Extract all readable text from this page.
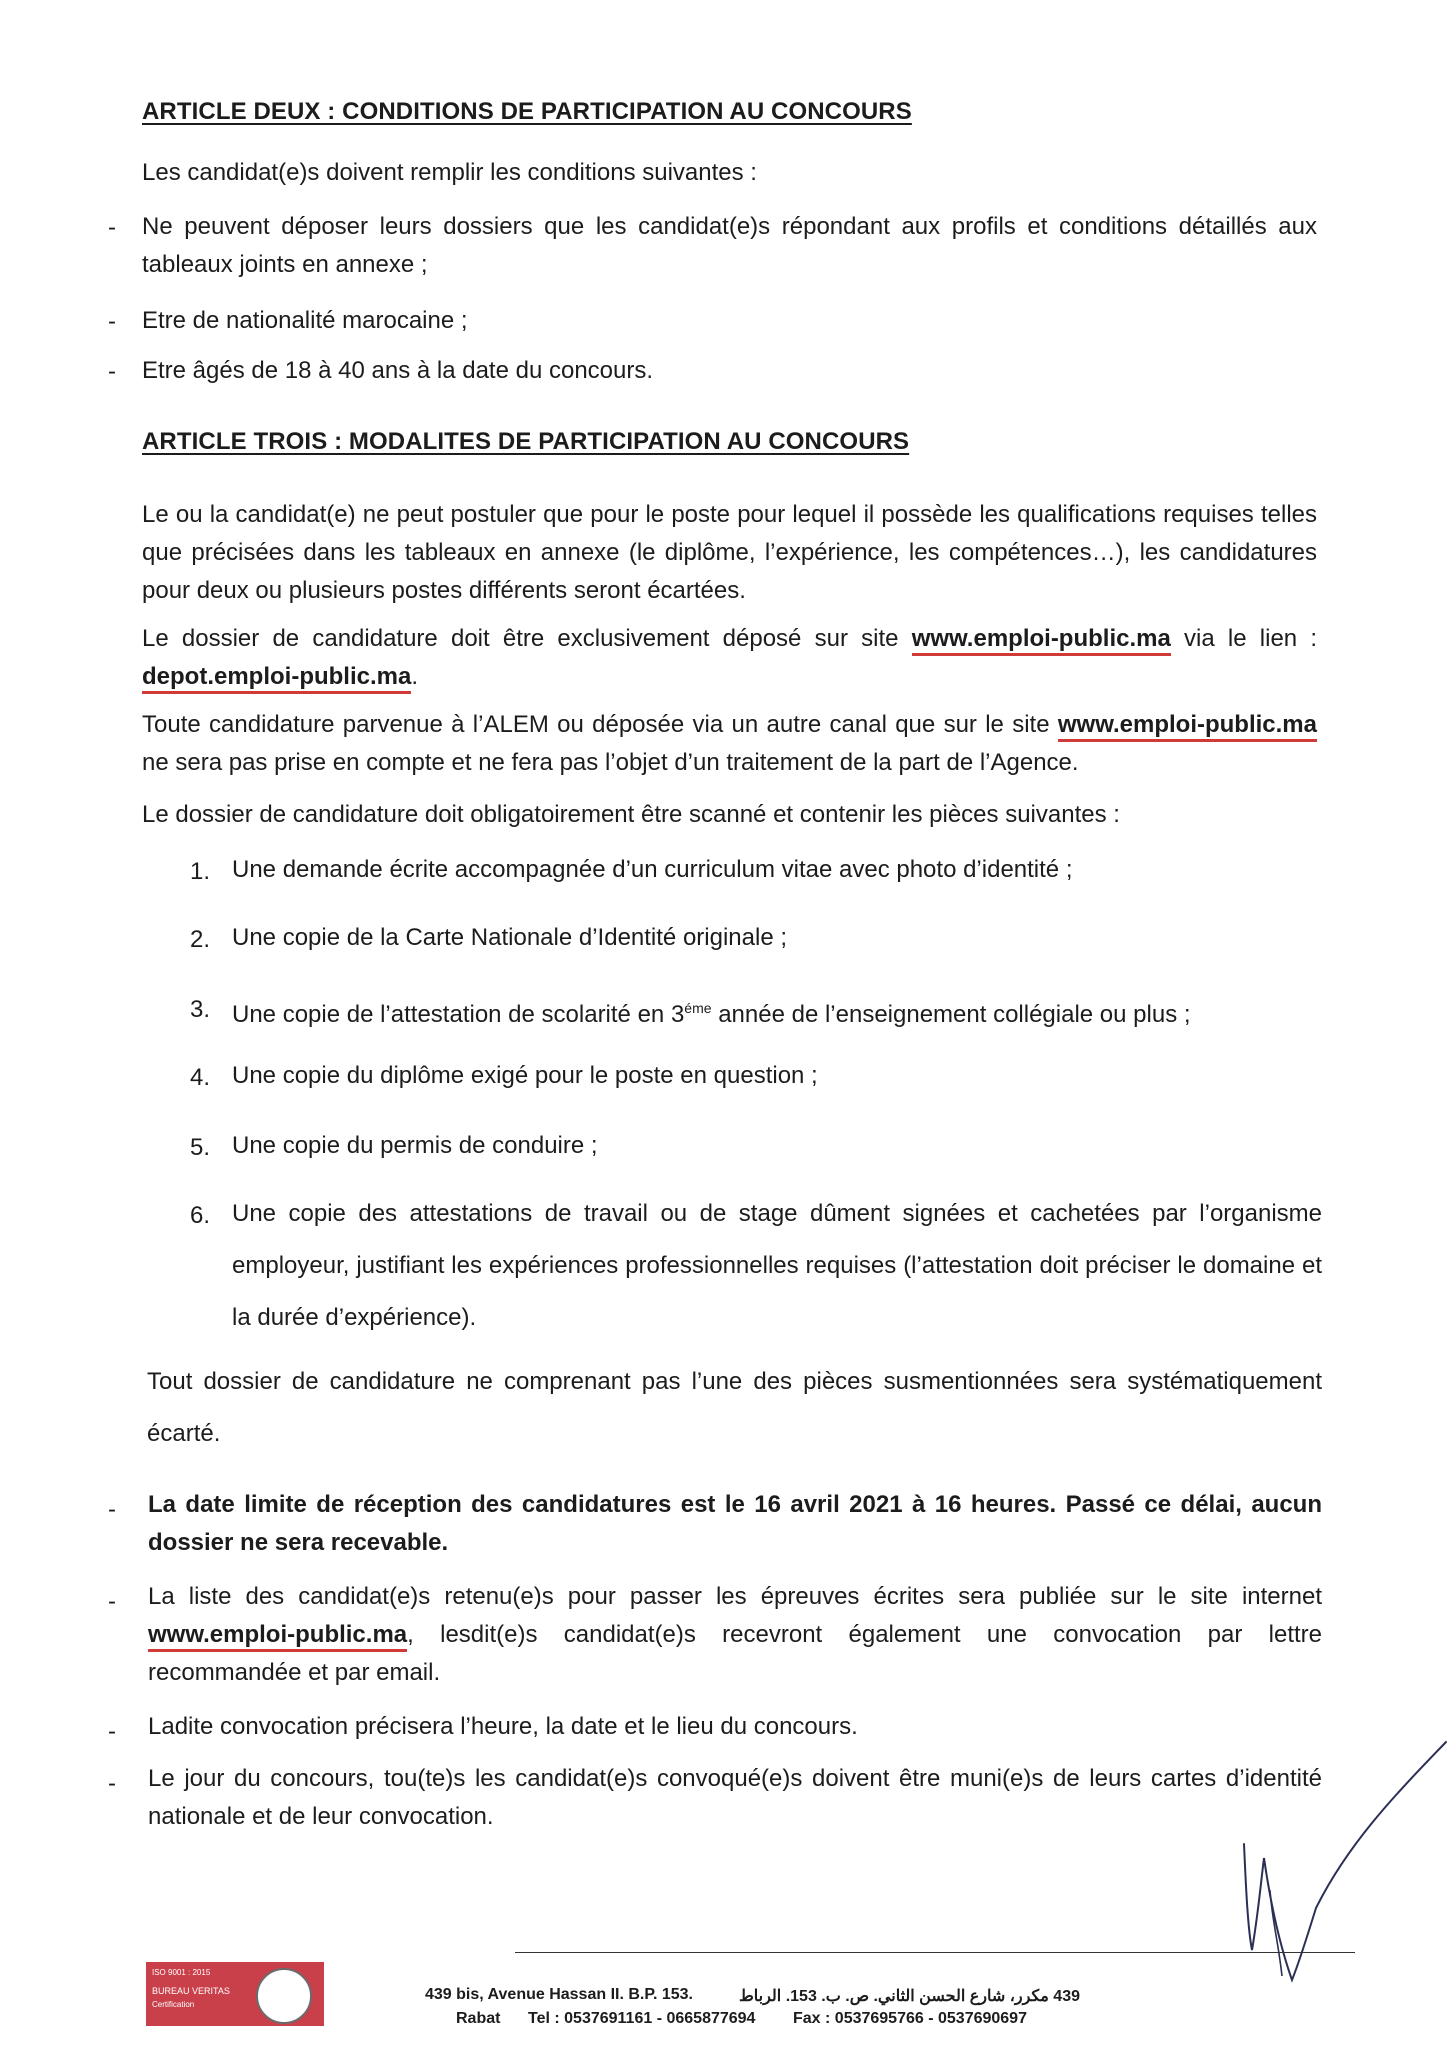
ARTICLE DEUX : CONDITIONS DE PARTICIPATION AU CONCOURS
Les candidat(e)s doivent remplir les conditions suivantes :
- Ne peuvent déposer leurs dossiers que les candidat(e)s répondant aux profils et conditions détaillés aux tableaux joints en annexe ;
- Etre de nationalité marocaine ;
- Etre âgés de 18 à 40 ans à la date du concours.
ARTICLE TROIS : MODALITES DE PARTICIPATION AU CONCOURS
Le ou la candidat(e) ne peut postuler que pour le poste pour lequel il possède les qualifications requises telles que précisées dans les tableaux en annexe (le diplôme, l’expérience, les compétences…), les candidatures pour deux ou plusieurs postes différents seront écartées.
Le dossier de candidature doit être exclusivement déposé sur site www.emploi-public.ma via le lien : depot.emploi-public.ma.
Toute candidature parvenue à l’ALEM ou déposée via un autre canal que sur le site www.emploi-public.ma ne sera pas prise en compte et ne fera pas l’objet d’un traitement de la part de l’Agence.
Le dossier de candidature doit obligatoirement être scanné et contenir les pièces suivantes :
1. Une demande écrite accompagnée d’un curriculum vitae avec photo d’identité ;
2. Une copie de la Carte Nationale d’Identité originale ;
3. Une copie de l’attestation de scolarité en $3^{éme}$ année de l’enseignement collégiale ou plus ;
4. Une copie du diplôme exigé pour le poste en question ;
5. Une copie du permis de conduire ;
6. Une copie des attestations de travail ou de stage dûment signées et cachetées par l’organisme employeur, justifiant les expériences professionnelles requises (l’attestation doit préciser le domaine et la durée d’expérience).
Tout dossier de candidature ne comprenant pas l’une des pièces susmentionnées sera systématiquement écarté.
- La date limite de réception des candidatures est le 16 avril 2021 à 16 heures. Passé ce délai, aucun dossier ne sera recevable.
- La liste des candidat(e)s retenu(e)s pour passer les épreuves écrites sera publiée sur le site internet www.emploi-public.ma, lesdit(e)s candidat(e)s recevront également une convocation par lettre recommandée et par email.
- Ladite convocation précisera l’heure, la date et le lieu du concours.
- Le jour du concours, tou(te)s les candidat(e)s convoqué(e)s doivent être muni(e)s de leurs cartes d’identité nationale et de leur convocation.
ISO 9001 : 2015
BUREAU VERITAS
Certification
439 bis, Avenue Hassan II. B.P. 153.	439 مكرر، شارع الحسن الثاني. ص. ب. 153. الرباط
Rabat	Tel : 0537691161 - 0665877694	Fax : 0537695766 - 0537690697
